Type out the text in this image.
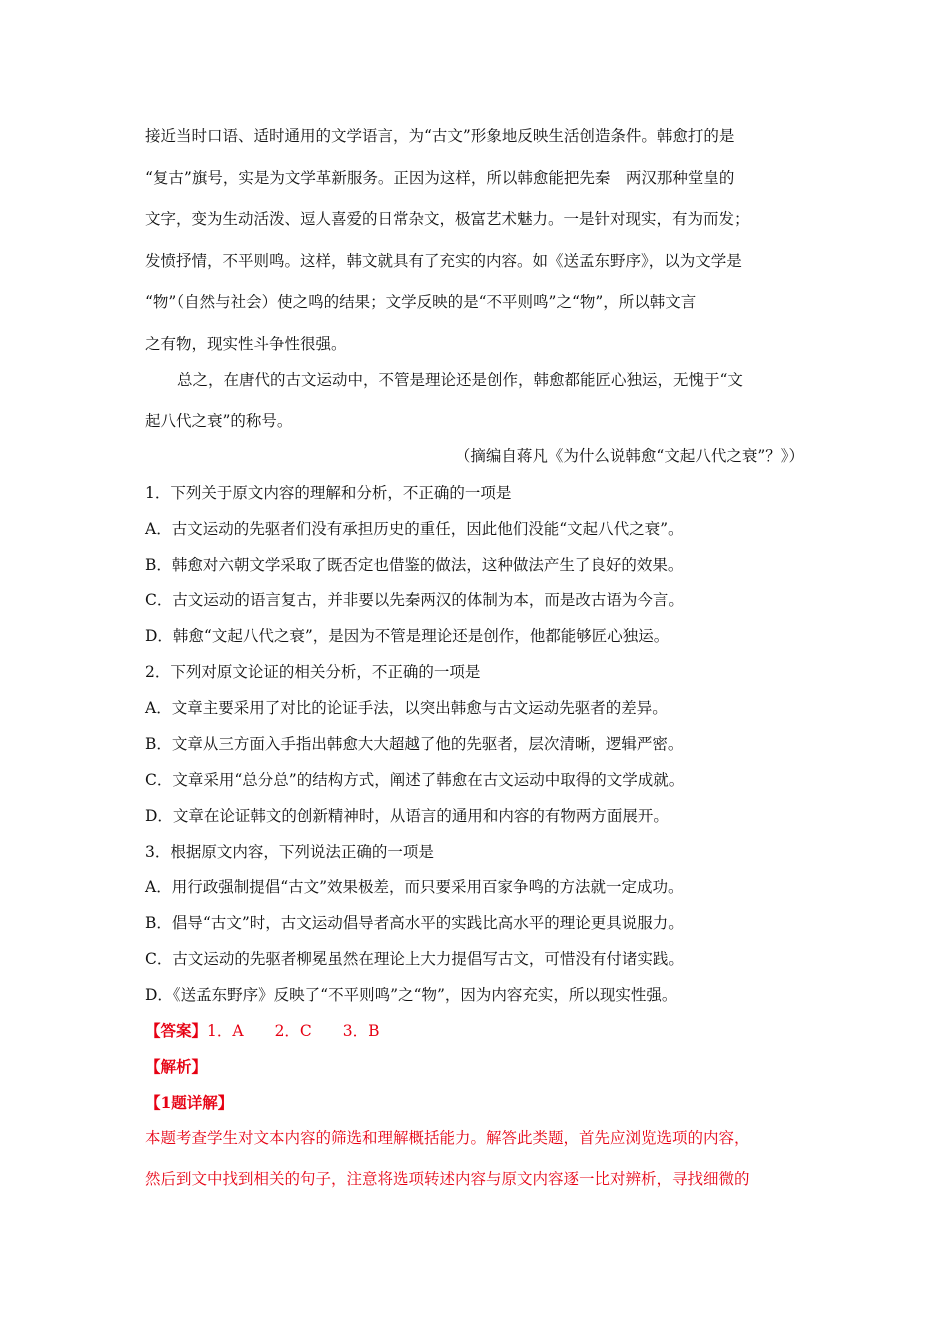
接近当时口语、适时通用的文学语言，为“古文”形象地反映生活创造条件。韩愈打的是
“复古”旗号，实是为文学革新服务。正因为这样，所以韩愈能把先秦　两汉那种堂皇的
文字，变为生动活泼、逗人喜爱的日常杂文，极富艺术魅力。一是针对现实，有为而发；
发愤抒情，不平则鸣。这样，韩文就具有了充实的内容。如《送孟东野序》，以为文学是
“物”（自然与社会）使之鸣的结果；文学反映的是“不平则鸣”之“物”，所以韩文言
之有物，现实性斗争性很强。
总之，在唐代的古文运动中，不管是理论还是创作，韩愈都能匠心独运，无愧于“文
起八代之衰”的称号。
（摘编自蒋凡《为什么说韩愈“文起八代之衰”？》）
1．下列关于原文内容的理解和分析，不正确的一项是
A．古文运动的先驱者们没有承担历史的重任，因此他们没能“文起八代之衰”。
B．韩愈对六朝文学采取了既否定也借鉴的做法，这种做法产生了良好的效果。
C．古文运动的语言复古，并非要以先秦两汉的体制为本，而是改古语为今言。
D．韩愈“文起八代之衰”，是因为不管是理论还是创作，他都能够匠心独运。
2．下列对原文论证的相关分析，不正确的一项是
A．文章主要采用了对比的论证手法，以突出韩愈与古文运动先驱者的差异。
B．文章从三方面入手指出韩愈大大超越了他的先驱者，层次清晰，逻辑严密。
C．文章采用“总分总”的结构方式，阐述了韩愈在古文运动中取得的文学成就。
D．文章在论证韩文的创新精神时，从语言的通用和内容的有物两方面展开。
3．根据原文内容，下列说法正确的一项是
A．用行政强制提倡“古文”效果极差，而只要采用百家争鸣的方法就一定成功。
B．倡导“古文”时，古文运动倡导者高水平的实践比高水平的理论更具说服力。
C．古文运动的先驱者柳冕虽然在理论上大力提倡写古文，可惜没有付诸实践。
D．《送孟东野序》反映了“不平则鸣”之“物”，因为内容充实，所以现实性强。
【答案】1．A　　2．C　　3．B
【解析】
【1题详解】
本题考查学生对文本内容的筛选和理解概括能力。解答此类题，首先应浏览选项的内容，
然后到文中找到相关的句子，注意将选项转述内容与原文内容逐一比对辨析，寻找细微的
